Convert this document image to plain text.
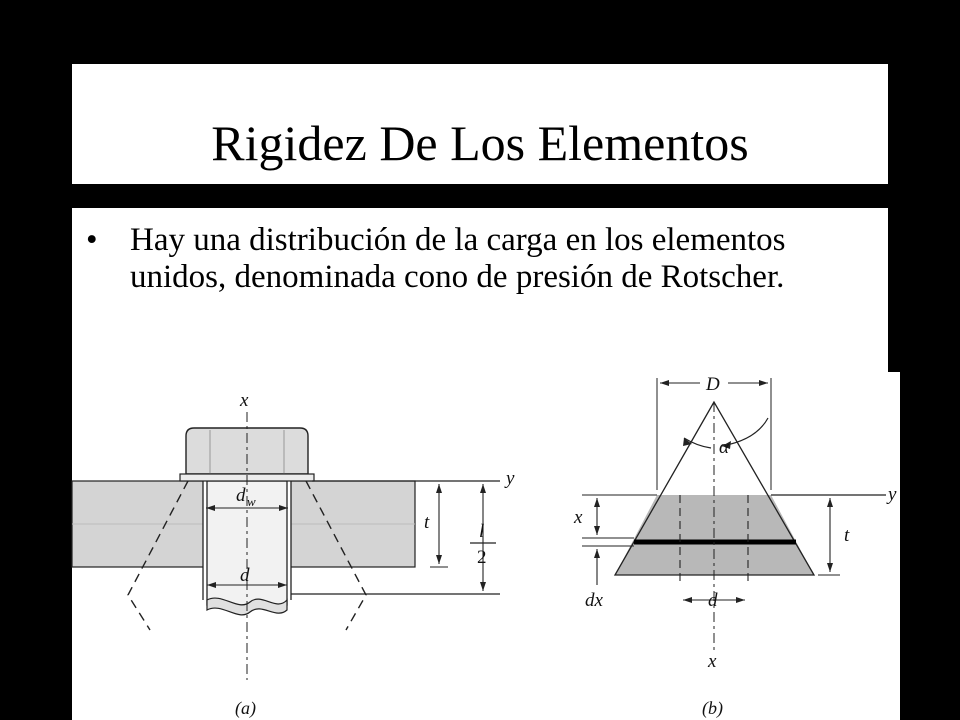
Rigidez De Los Elementos
• Hay una distribución de la carga en los elementos unidos, denominada cono de presión de Rotscher.
x
y
d w
d
t	l
2
(a)
D
α
y
x
t
dx	d
x
(b)
